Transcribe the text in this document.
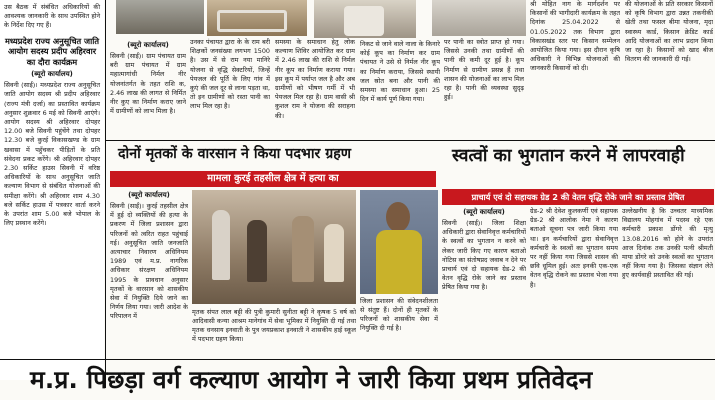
उस बैठक में संबंधित अधिकारियों की आवश्यक जानकारी के साथ उपस्थित होने के निर्देश दिए गए हैं।

मध्यप्रदेश राज्य अनुसूचित जाति आयोग सदस्य प्रदीप अहिरवार का दौरा कार्यक्रम
(ब्यूरो कार्यालय)

सिवनी (साईं)। मध्यप्रदेश राज्य अनुसूचित जाति आयोग सदस्य श्री प्रदीप अहिरवार (राज्य मंत्री दर्जा) का प्रस्तावित कार्यक्रम अनुसार शुक्रवार 6 मई को सिवनी आएंगे। आयोग सदस्य श्री अहिरवार दोपहर 12.00 बजे सिवनी पहुंचेंगे तथा दोपहर 12.30 बजे कुरई विकासखण्ड के ग्राम खवासा में पहुँचकर पीड़ितों के प्रति संवेदना प्रकट करेंगे। श्री अहिरवार दोपहर 2.30 सर्किट हाउस सिवनी में वरिष्ठ अधिकारियों के साथ अनुसूचित जाति कल्याण विभाग से संबंधित योजनाओं की समीक्षा करेंगे। श्री अहिरवार शाम 4.30 बजे सर्किट हाउस में पत्रकार वार्ता करने के उपरांत शाम 5.00 बजे भोपाल के लिए प्रस्थान करेंगे।

(ब्यूरो कार्यालय)

सिवनी (साईं)। ग्राम पंचायत ग्राम बरी ग्राम पंचायत में ग्राम महात्मागांधी निर्मल नीर योजनांतर्गत के तहत राशि क, 2.46 लाख की लागत से निर्मित नीर कुए का निर्माण कराए जाने में ग्रामीणों को लाभ मिला है।

उनका पंचायत द्वारा के के राम बरी शिक्षकों जनसंख्या लगभग 1500 है। उस में से राम नया मानिरे योजना से वृद्धि सेक्टरियों, जिन्हें पेयजल की पूर्ति के लिए गांव में कुएं की जल दूर से लाना पड़ता था, तो इन ग्रामीणों को रस्ता पानी का लाभ मिल रहा है।

समस्या के समाधान हेतु लोक कल्याण शिविर आयोजित कर ग्राम में 2.46 लाख की राशि से निर्मल नीर कूप का निर्माण कराया गया। इस कूप में पर्याप्त जल है और अब ग्रामीणों को भीषण गर्मी में भी पेयजल मिल रहा है। ग्राम वासी श्री कुशल राम ने योजना की सराहना की।

निकट से जाने वाले नाला के किनारे कोई कूप का निर्माण कर ग्राम पंचायत ने उसे से निर्मल नीर कूप का निर्माण कराया, जिससे स्थायी जल स्रोत बना और पानी की समस्या का समाधान हुआ। 25 दिन में कार्य पूर्ण किया गया।

पर पानी का स्त्रोत प्राप्त हो गया। जिससे उनकी तथा ग्रामीणों की पानी की कमी दूर हुई है। कूप निर्माण से ग्रामीण प्रसन्न हैं तथा शासन की योजनाओं का लाभ मिल रहा है। पानी की व्यवस्था सुदृढ़ हुई।

श्री मोहित नाग के मार्गदर्शन पर किसानों की भागीदारी कार्यक्रम के तहत दिनांक 25.04.2022 से 01.05.2022 तक विभाग द्वारा विकासखंड स्तर पर किसान सम्मेलन आयोजित किया गया। इस दौरान कृषि अधिकारी ने विभिन्न योजनाओं की जानकारी किसानों को दी।

की योजनाओं के प्रति सरकार किसानों को कृषि विभाग द्वारा उन्नत तकनीकी खेती तथा फसल बीमा योजना, मृदा स्वास्थ्य कार्ड, किसान क्रेडिट कार्ड आदि योजनाओं का लाभ प्रदान किया जा रहा है। किसानों को खाद बीज वितरण की जानकारी दी गई।

दोनों मृतकों के वारसान ने किया पदभार ग्रहण	स्वत्वों का भुगतान करने में लापरवाही
मामला कुरई तहसील क्षेत्र में हत्या का
प्राचार्य एवं दो सहायक ग्रेड 2 की वेतन वृद्धि रोके जाने का प्रस्ताव प्रेषित
(ब्यूरो कार्यालय)

सिवनी (साईं)। कुरई तहसील क्षेत्र में हुई दो व्यक्तियों की हत्या के प्रकरण में जिला प्रशासन द्वारा परिजनों को त्वरित राहत पहुंचाई गई। अनुसूचित जाति जनजाति अत्याचार निवारण अधिनियम 1989 एवं म.प्र. नागरिक अधिकार संरक्षण अधिनियम 1995 के प्रावधान अनुसार मृतकों के वारसान को शासकीय सेवा में नियुक्ति दिये जाने का निर्णय लिया गया। जारी आदेश के परिपालन में

मृतक संपत लाल बट्टी की पुत्री कुमारी सुनीता बट्टी ने कृषक 5 वर्ष को आदिवासी कन्या आश्रम मानेगांव में सेवा भूमिका में नियुक्ति दी गई तथा मृतक धनसाय इनवाती के पुत्र जयप्रकाश इनवाती ने शासकीय हाई स्कूल में पदभार ग्रहण किया।
जिला प्रशासन की संवेदनशीलता से संतुष्ट हैं। दोनों ही मृतकों के परिजनों को शासकीय सेवा में नियुक्ति दी गई है।
(ब्यूरो कार्यालय)

सिवनी (साईं)। जिला शिक्षा अधिकारी द्वारा सेवानिवृत्त कर्मचारियों के स्वत्वों का भुगतान न करने को लेकर जारी किए गए कारण बताओ नोटिस का संतोषप्रद जवाब न देने पर प्राचार्य एवं दो सहायक ग्रेड-2 की वेतन वृद्धि रोके जाने का प्रस्ताव प्रेषित किया गया है।

ग्रेड-2 श्री देवेश कुलकर्णी एवं सहायक ग्रेड-2 श्री आलोक नेमा ने कारण बताओ सूचना पत्र जारी किया गया था। इन कर्मचारियों द्वारा सेवानिवृत्त कर्मचारी के स्वत्वों का भुगतान समय पर नहीं किया गया जिससे शासन की छवि धूमिल हुई। अतः इनकी एक-एक वेतन वृद्धि रोकने का प्रस्ताव भेजा गया है।

उल्लेखनीय है कि उच्चतर माध्यमिक विद्यालय मोहगांव में पदस्थ रहे एक कर्मचारी प्रकाश डोंगरे की मृत्यु 13.08.2016 को होने के उपरांत आज दिनांक तक उनकी पत्नी श्रीमती माया डोंगरे को उनके स्वत्वों का भुगतान नहीं किया गया है। जिसका संज्ञान लेते हुए कार्यवाही प्रस्तावित की गई।

म.प्र. पिछड़ा वर्ग कल्याण आयोग ने जारी किया प्रथम प्रतिवेदन
